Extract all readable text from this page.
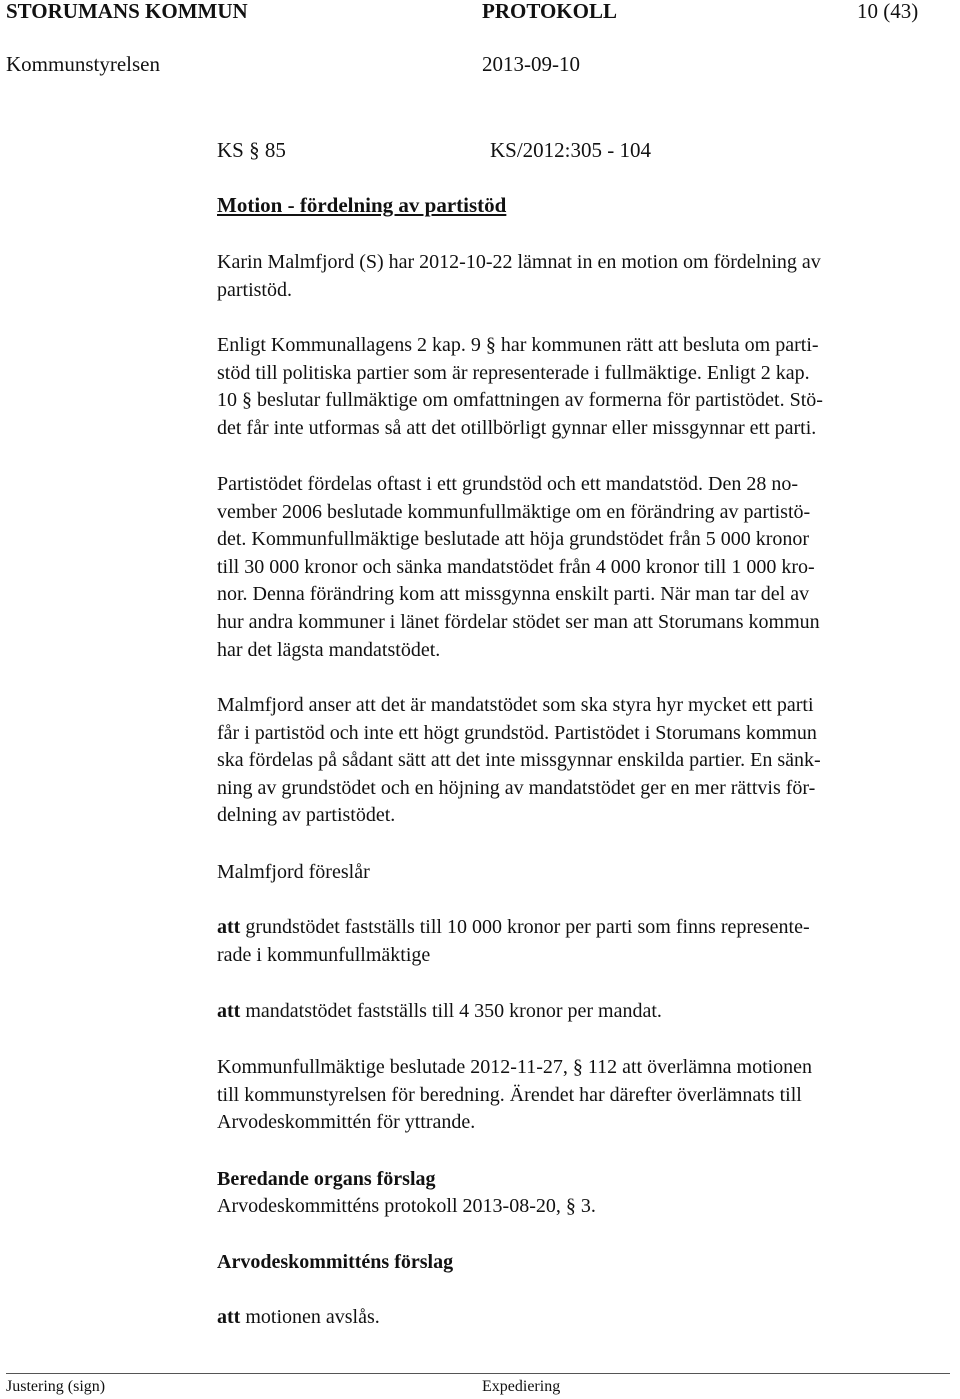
STORUMANS KOMMUN	PROTOKOLL	10 (43)
Kommunstyrelsen	2013-09-10
KS § 85	KS/2012:305 - 104
Motion - fördelning av partistöd
Karin Malmfjord (S) har 2012-10-22 lämnat in en motion om fördelning av
partistöd.
Enligt Kommunallagens 2 kap. 9 § har kommunen rätt att besluta om parti-
stöd till politiska partier som är representerade i fullmäktige. Enligt 2 kap.
10 § beslutar fullmäktige om omfattningen av formerna för partistödet. Stö-
det får inte utformas så att det otillbörligt gynnar eller missgynnar ett parti.
Partistödet fördelas oftast i ett grundstöd och ett mandatstöd. Den 28 no-
vember 2006 beslutade kommunfullmäktige om en förändring av partistö-
det. Kommunfullmäktige beslutade att höja grundstödet från 5 000 kronor
till 30 000 kronor och sänka mandatstödet från 4 000 kronor till 1 000 kro-
nor. Denna förändring kom att missgynna enskilt parti. När man tar del av
hur andra kommuner i länet fördelar stödet ser man att Storumans kommun
har det lägsta mandatstödet.
Malmfjord anser att det är mandatstödet som ska styra hyr mycket ett parti
får i partistöd och inte ett högt grundstöd. Partistödet i Storumans kommun
ska fördelas på sådant sätt att det inte missgynnar enskilda partier. En sänk-
ning av grundstödet och en höjning av mandatstödet ger en mer rättvis för-
delning av partistödet.
Malmfjord föreslår
att grundstödet fastställs till 10 000 kronor per parti som finns represente-
rade i kommunfullmäktige
att mandatstödet fastställs till 4 350 kronor per mandat.
Kommunfullmäktige beslutade 2012-11-27, § 112 att överlämna motionen
till kommunstyrelsen för beredning. Ärendet har därefter överlämnats till
Arvodeskommittén för yttrande.
Beredande organs förslag
Arvodeskommitténs protokoll 2013-08-20, § 3.
Arvodeskommitténs förslag
att motionen avslås.
Justering (sign)	Expediering
